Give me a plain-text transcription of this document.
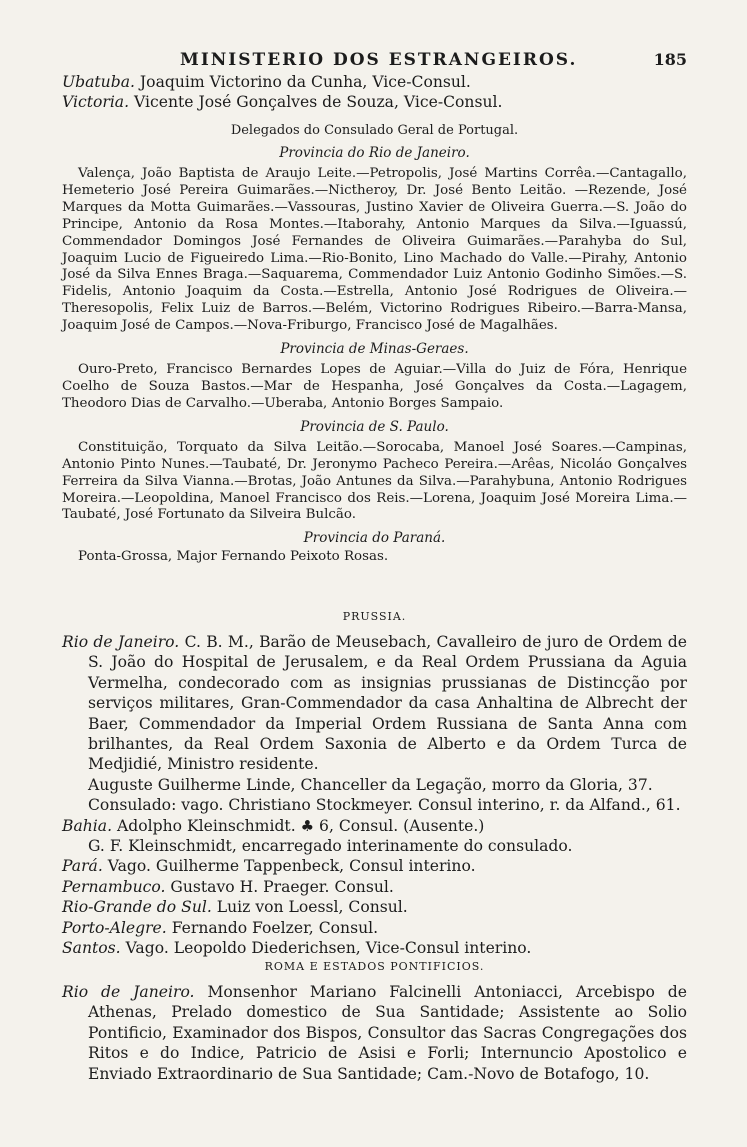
MINISTERIO DOS ESTRANGEIROS.	185

Ubatuba. Joaquim Victorino da Cunha, Vice-Consul.

Victoria. Vicente José Gonçalves de Souza, Vice-Consul.

Delegados do Consulado Geral de Portugal.

Provincia do Rio de Janeiro.

Valença, João Baptista de Araujo Leite.—Petropolis, José Martins Corrêa.—Cantagallo, Hemeterio José Pereira Guimarães.—Nictheroy, Dr. José Bento Leitão. —Rezende, José Marques da Motta Guimarães.—Vassouras, Justino Xavier de Oliveira Guerra.—S. João do Principe, Antonio da Rosa Montes.—Itaborahy, Antonio Marques da Silva.—Iguassú, Commendador Domingos José Fernandes de Oliveira Guimarães.—Parahyba do Sul, Joaquim Lucio de Figueiredo Lima.—Rio-Bonito, Lino Machado do Valle.—Pirahy, Antonio José da Silva Ennes Braga.—Saquarema, Commendador Luiz Antonio Godinho Simões.—S. Fidelis, Antonio Joaquim da Costa.—Estrella, Antonio José Rodrigues de Oliveira.—Theresopolis, Felix Luiz de Barros.—Belém, Victorino Rodrigues Ribeiro.—Barra-Mansa, Joaquim José de Campos.—Nova-Friburgo, Francisco José de Magalhães.

Provincia de Minas-Geraes.

Ouro-Preto, Francisco Bernardes Lopes de Aguiar.—Villa do Juiz de Fóra, Henrique Coelho de Souza Bastos.—Mar de Hespanha, José Gonçalves da Costa.—Lagagem, Theodoro Dias de Carvalho.—Uberaba, Antonio Borges Sampaio.

Provincia de S. Paulo.

Constituição, Torquato da Silva Leitão.—Sorocaba, Manoel José Soares.—Campinas, Antonio Pinto Nunes.—Taubaté, Dr. Jeronymo Pacheco Pereira.—Arêas, Nicoláo Gonçalves Ferreira da Silva Vianna.—Brotas, João Antunes da Silva.—Parahybuna, Antonio Rodrigues Moreira.—Leopoldina, Manoel Francisco dos Reis.—Lorena, Joaquim José Moreira Lima.—Taubaté, José Fortunato da Silveira Bulcão.

Provincia do Paraná.

Ponta-Grossa, Major Fernando Peixoto Rosas.

PRUSSIA.

Rio de Janeiro. C. B. M., Barão de Meusebach, Cavalleiro de juro de Ordem de S. João do Hospital de Jerusalem, e da Real Ordem Prussiana da Aguia Vermelha, condecorado com as insignias prussianas de Distincção por serviços militares, Gran-Commendador da casa Anhaltina de Albrecht der Baer, Commendador da Imperial Ordem Russiana de Santa Anna com brilhantes, da Real Ordem Saxonia de Alberto e da Ordem Turca de Medjidié, Ministro residente.

Auguste Guilherme Linde, Chanceller da Legação, morro da Gloria, 37.

Consulado: vago. Christiano Stockmeyer. Consul interino, r. da Alfand., 61.

Bahia. Adolpho Kleinschmidt. ♣ 6, Consul. (Ausente.)

G. F. Kleinschmidt, encarregado interinamente do consulado.

Pará. Vago. Guilherme Tappenbeck, Consul interino.

Pernambuco. Gustavo H. Praeger. Consul.

Rio-Grande do Sul. Luiz von Loessl, Consul.

Porto-Alegre. Fernando Foelzer, Consul.

Santos. Vago. Leopoldo Diederichsen, Vice-Consul interino.

ROMA E ESTADOS PONTIFICIOS.

Rio de Janeiro. Monsenhor Mariano Falcinelli Antoniacci, Arcebispo de Athenas, Prelado domestico de Sua Santidade; Assistente ao Solio Pontificio, Examinador dos Bispos, Consultor das Sacras Congregações dos Ritos e do Indice, Patricio de Asisi e Forli; Internuncio Apostolico e Enviado Extraordinario de Sua Santidade; Cam.-Novo de Botafogo, 10.
